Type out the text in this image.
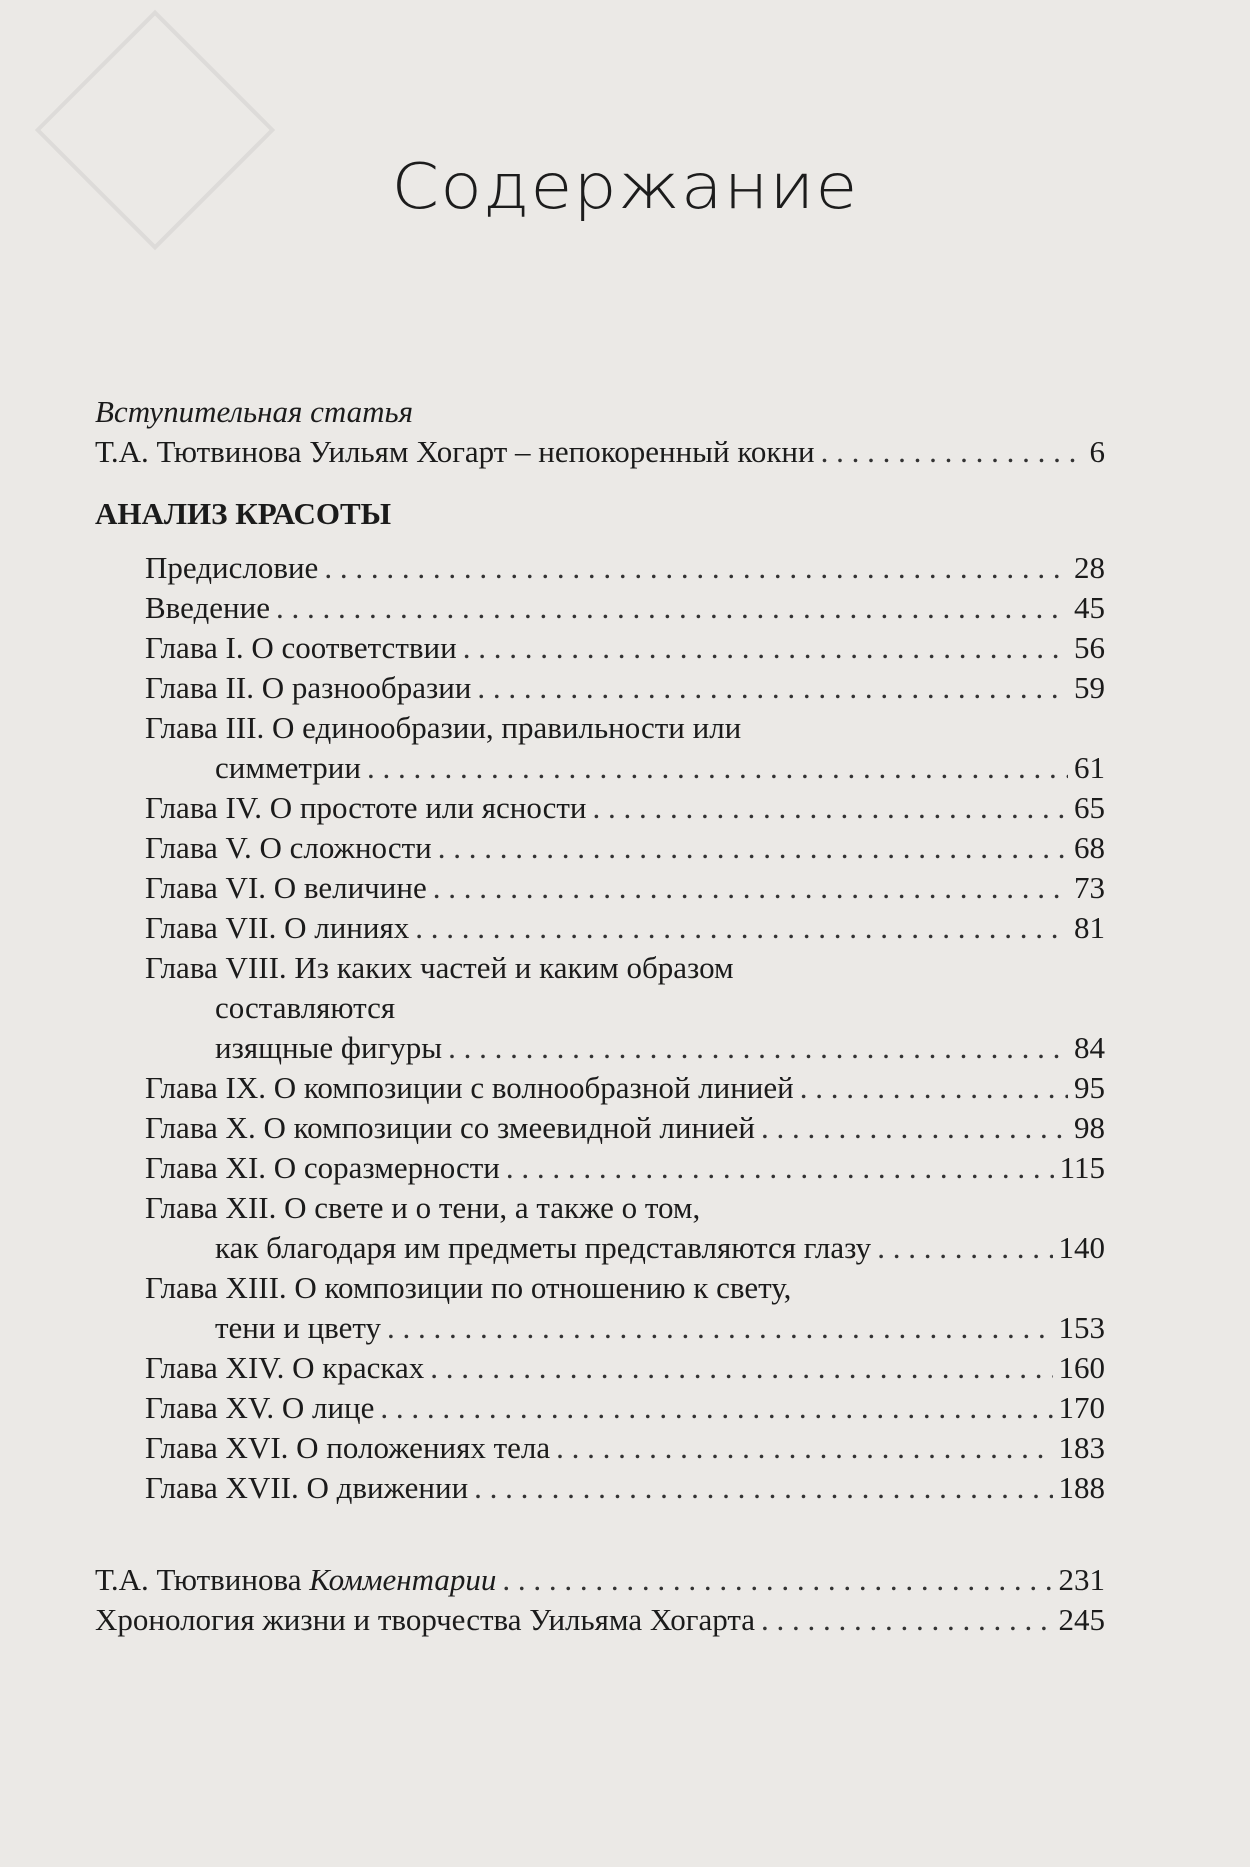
Содержание
Вступительная статья
Т.А. Тютвинова Уильям Хогарт – непокоренный кокни . . .	6
АНАЛИЗ КРАСОТЫ
Предисловие . . .	28
Введение . . .	45
Глава I. О соответствии . . .	56
Глава II. О разнообразии . . .	59
Глава III. О единообразии, правильности или
симметрии . . .	61
Глава IV. О простоте или ясности . . .	65
Глава V. О сложности . . .	68
Глава VI. О величине . . .	73
Глава VII. О линиях . . .	81
Глава VIII. Из каких частей и каким образом
составляются
изящные фигуры . . .	84
Глава IX. О композиции с волнообразной линией . . .	95
Глава X. О композиции со змеевидной линией . . .	98
Глава XI. О соразмерности . . .	115
Глава XII. О свете и о тени, а также о том,
как благодаря им предметы представляются глазу . . .	140
Глава XIII. О композиции по отношению к свету,
тени и цвету . . .	153
Глава XIV. О красках . . .	160
Глава XV. О лице . . .	170
Глава XVI. О положениях тела . . .	183
Глава XVII. О движении . . .	188
Т.А. Тютвинова Комментарии . . .	231
Хронология жизни и творчества Уильяма Хогарта . . .	245
